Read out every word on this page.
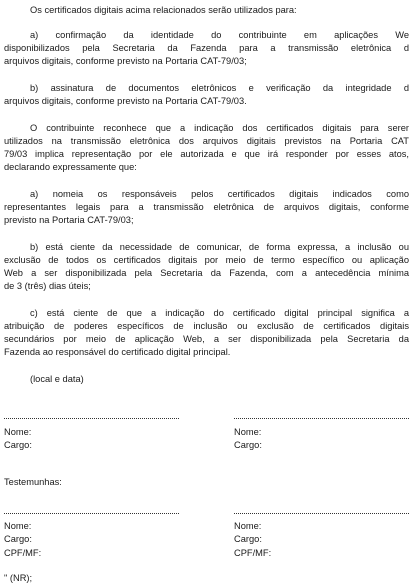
Os certificados digitais acima relacionados serão utilizados para:

a) confirmação da identidade do contribuinte em aplicações We

disponibilizados pela Secretaria da Fazenda para a transmissão eletrônica d

arquivos digitais, conforme previsto na Portaria CAT-79/03;

b) assinatura de documentos eletrônicos e verificação da integridade d

arquivos digitais, conforme previsto na Portaria CAT-79/03.

O contribuinte reconhece que a indicação dos certificados digitais para serer

utilizados na transmissão eletrônica dos arquivos digitais previstos na Portaria CAT

79/03 implica representação por ele autorizada e que irá responder por esses atos,

declarando expressamente que:

a) nomeia os responsáveis pelos certificados digitais indicados como

representantes legais para a transmissão eletrônica de arquivos digitais, conforme

previsto na Portaria CAT-79/03;

b) está ciente da necessidade de comunicar, de forma expressa, a inclusão ou

exclusão de todos os certificados digitais por meio de termo específico ou aplicação

Web a ser disponibilizada pela Secretaria da Fazenda, com a antecedência mínima

de 3 (três) dias úteis;

c) está ciente de que a indicação do certificado digital principal significa a

atribuição de poderes específicos de inclusão ou exclusão de certificados digitais

secundários por meio de aplicação Web, a ser disponibilizada pela Secretaria da

Fazenda ao responsável do certificado digital principal.

(local e data)

Nome:

Cargo:

Nome:

Cargo:

Testemunhas:

Nome:

Cargo:

CPF/MF:

Nome:

Cargo:

CPF/MF:

" (NR);
